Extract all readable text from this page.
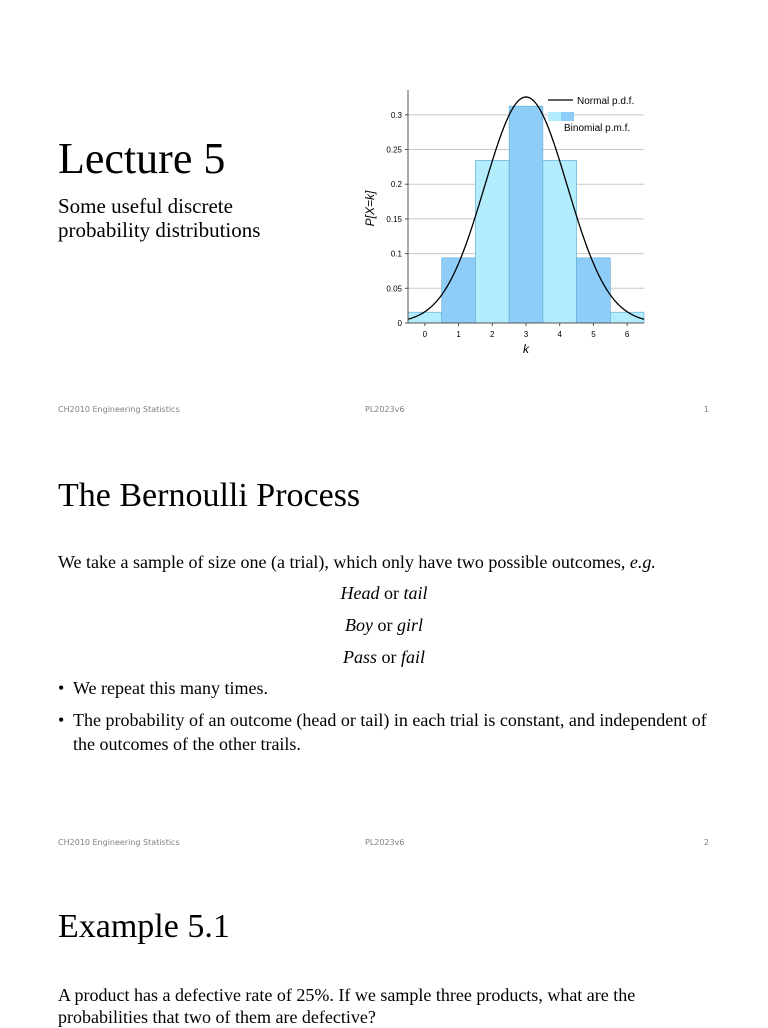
Lecture 5
Some useful discrete probability distributions
0
0.05
0.1
0.15
0.2
0.25
0.3
0	1	2	3	4	5	6
k
P[X=k]
Normal p.d.f.
Binomial p.m.f.
CH2010 Engineering Statistics	PL2023v6	1
The Bernoulli Process
We take a sample of size one (a trial), which only have two possible outcomes, e.g.
Head or tail
Boy or girl
Pass or fail
• We repeat this many times.
• The probability of an outcome (head or tail) in each trial is constant, and independent of the outcomes of the other trails.
CH2010 Engineering Statistics	PL2023v6	2
Example 5.1
A product has a defective rate of 25%. If we sample three products, what are the probabilities that two of them are defective?
